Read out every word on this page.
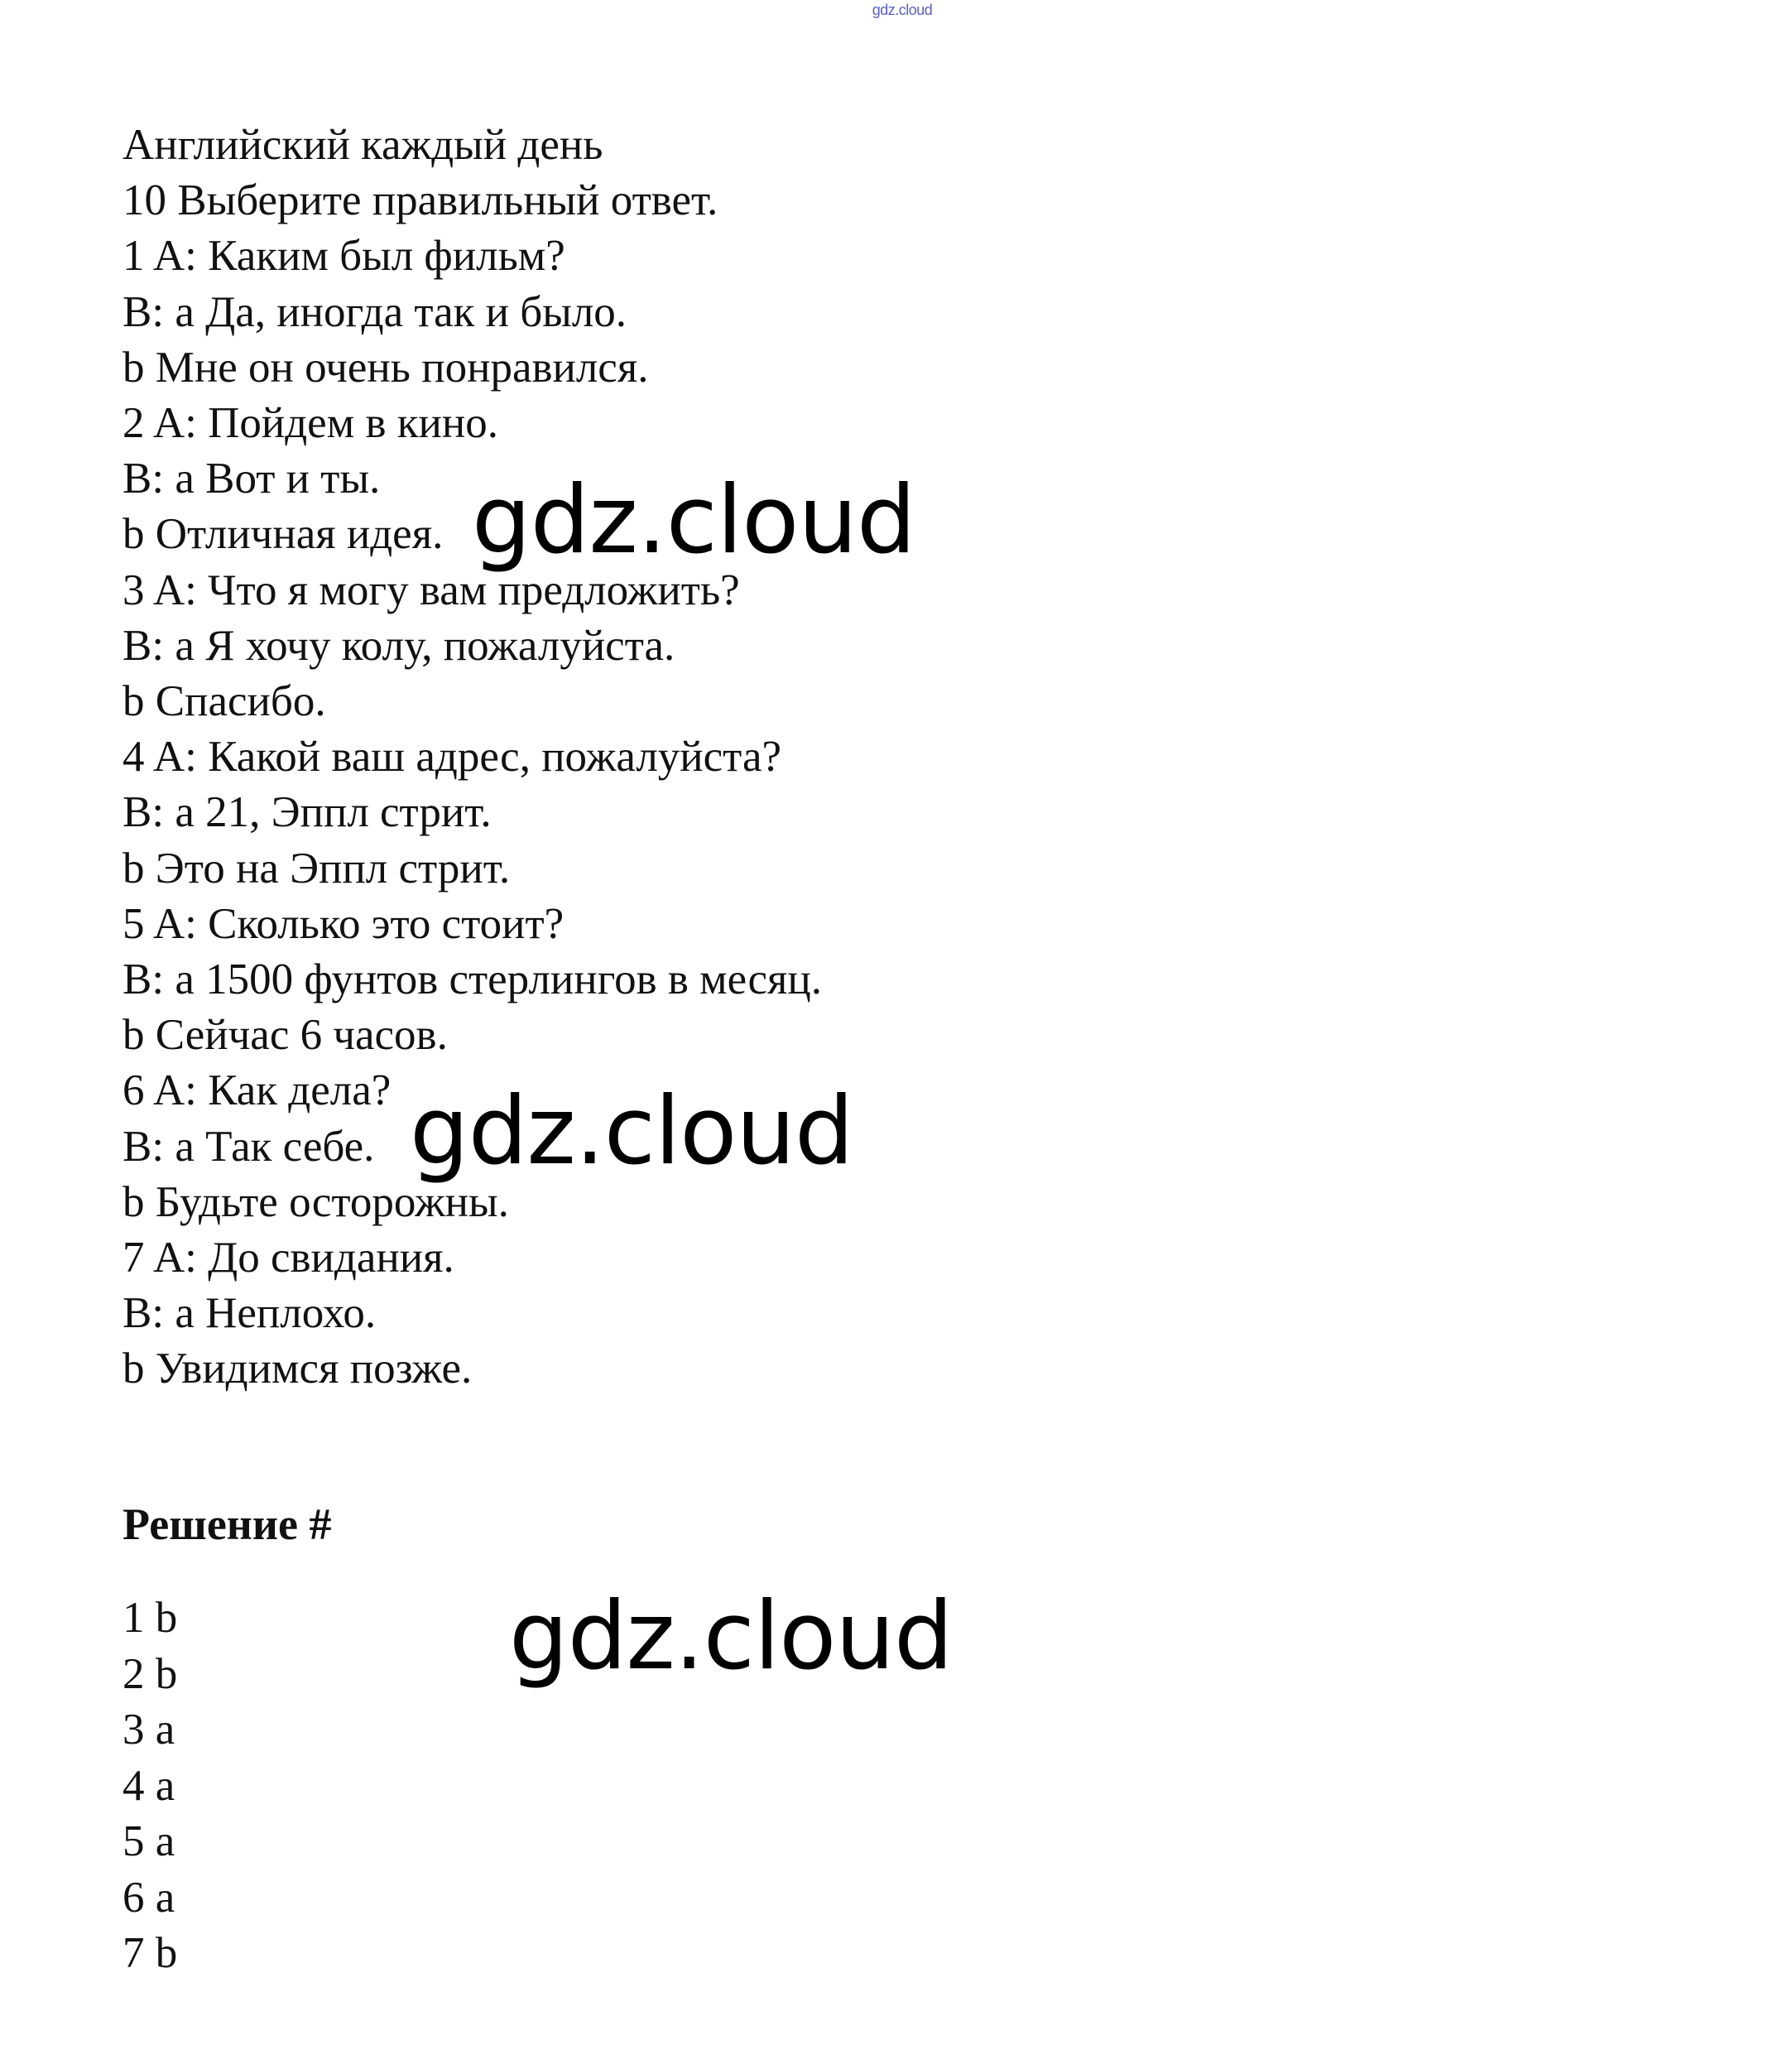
gdz.cloud

Английский каждый день

10 Выберите правильный ответ.

1 A: Каким был фильм?

B: a Да, иногда так и было.

b Мне он очень понравился.

2 A: Пойдем в кино.

B: a Вот и ты.

b Отличная идея.

3 A: Что я могу вам предложить?

B: a Я хочу колу, пожалуйста.

b Спасибо.

4 A: Какой ваш адрес, пожалуйста?

B: a 21, Эппл стрит.

b Это на Эппл стрит.

5 A: Сколько это стоит?

B: a 1500 фунтов стерлингов в месяц.

b Сейчас 6 часов.

6 A: Как дела?

B: a Так себе.

b Будьте осторожны.

7 A: До свидания.

B: a Неплохо.

b Увидимся позже.

Решение #

1 b

2 b

3 a

4 a

5 a

6 a

7 b

gdz.cloud
gdz.cloud
gdz.cloud
